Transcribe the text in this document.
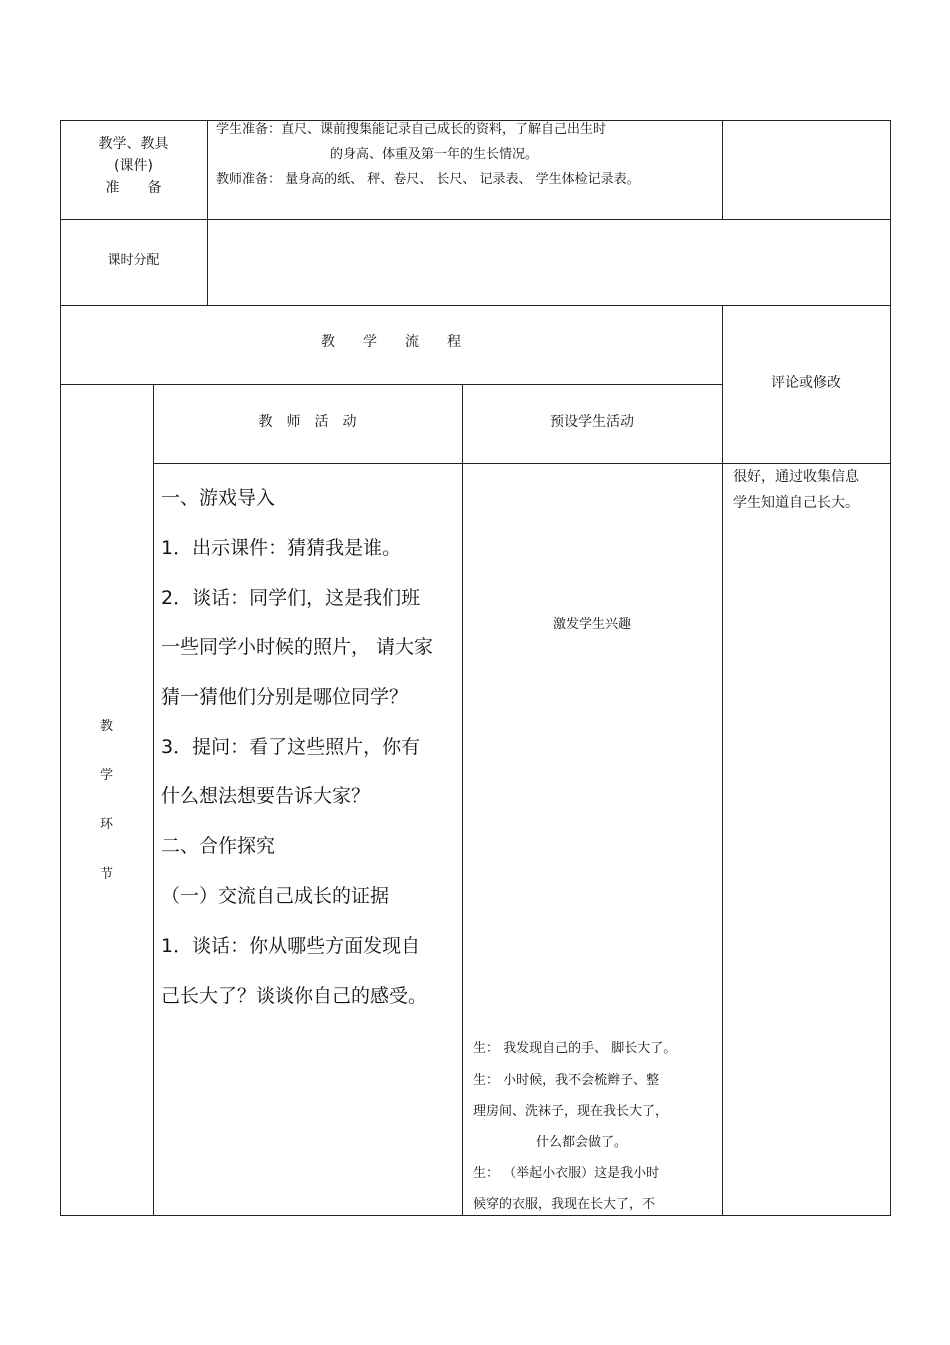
教学、教具
(课件)
准　　备
学生准备：直尺、课前搜集能记录自己成长的资料，了解自己出生时
的身高、体重及第一年的生长情况。
教师准备： 量身高的纸、 秤、卷尺、 长尺、 记录表、 学生体检记录表。
课时分配
教　　学　　流　　程
评论或修改
教　师　活　动	预设学生活动
教
学
环
节
一、游戏导入
1．出示课件：猜猜我是谁。
2．谈话：同学们，这是我们班
一些同学小时候的照片， 请大家
猜一猜他们分别是哪位同学？
3．提问：看了这些照片，你有
什么想法想要告诉大家？
二、合作探究
（一）交流自己成长的证据
1．谈话：你从哪些方面发现自
己长大了？谈谈你自己的感受。
激发学生兴趣
生： 我发现自己的手、 脚长大了。
生： 小时候，我不会梳辫子、整
理房间、洗袜子，现在我长大了，
什么都会做了。
生： （举起小衣服）这是我小时
候穿的衣服，我现在长大了，不
很好，通过收集信息
学生知道自己长大。
